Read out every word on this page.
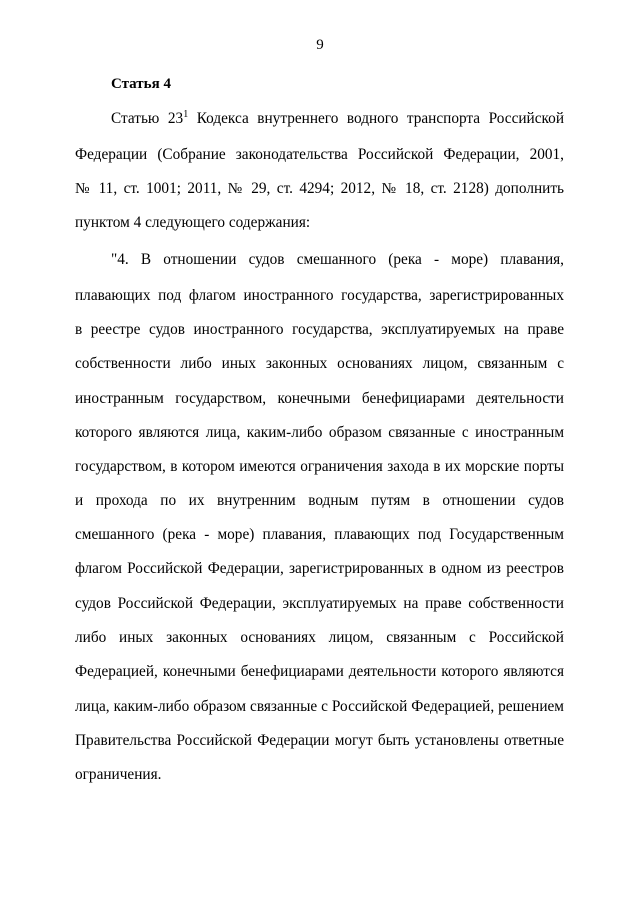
9
Статья 4
Статью $23^1$ Кодекса внутреннего водного транспорта Российской
Федерации (Собрание законодательства Российской Федерации, 2001,
№ 11, ст. 1001; 2011, № 29, ст. 4294; 2012, № 18, ст. 2128) дополнить
пунктом 4 следующего содержания:
"4. В отношении судов смешанного (река - море) плавания,
плавающих под флагом иностранного государства, зарегистрированных
в реестре судов иностранного государства, эксплуатируемых на праве
собственности либо иных законных основаниях лицом, связанным с
иностранным государством, конечными бенефициарами деятельности
которого являются лица, каким-либо образом связанные с иностранным
государством, в котором имеются ограничения захода в их морские порты
и прохода по их внутренним водным путям в отношении судов
смешанного (река - море) плавания, плавающих под Государственным
флагом Российской Федерации, зарегистрированных в одном из реестров
судов Российской Федерации, эксплуатируемых на праве собственности
либо иных законных основаниях лицом, связанным с Российской
Федерацией, конечными бенефициарами деятельности которого являются
лица, каким-либо образом связанные с Российской Федерацией, решением
Правительства Российской Федерации могут быть установлены ответные
ограничения.
